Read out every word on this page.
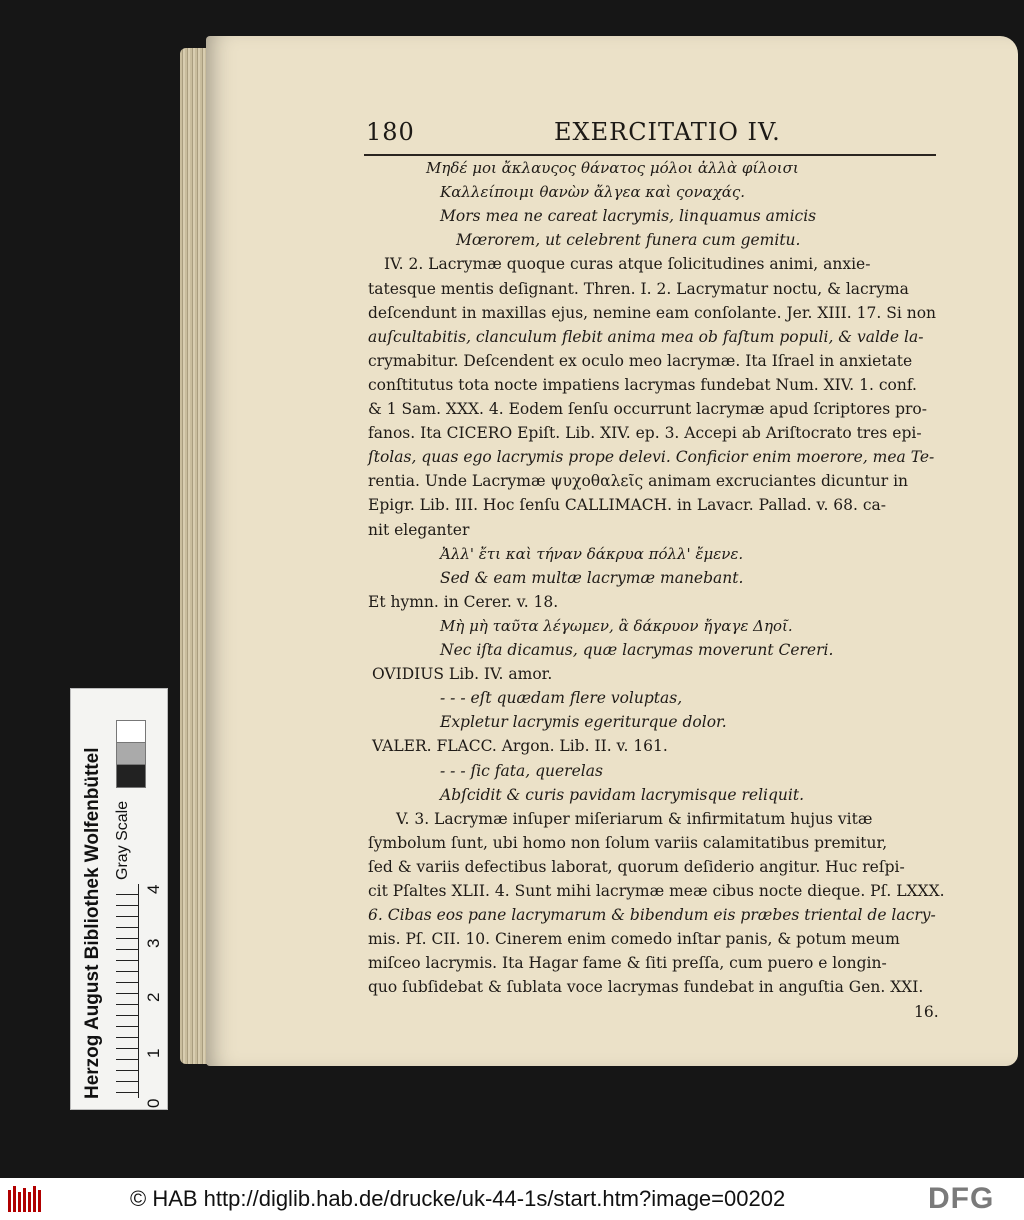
180	EXERCITATIO IV.
Μηδέ μοι ἄκλαυςος θάνατος μόλοι ἀλλὰ φίλοισι
Καλλείποιμι θανὼν ἄλγεα καὶ ςοναχάς.
Mors mea ne careat lacrymis, linquamus amicis
Mœrorem, ut celebrent funera cum gemitu.
IV. 2. Lacrymæ quoque curas atque ſolicitudines animi, anxie-
tatesque mentis deſignant. Thren. I. 2. Lacrymatur noctu, & lacryma
deſcendunt in maxillas ejus, nemine eam conſolante. Jer. XIII. 17. Si non
auſcultabitis, clanculum flebit anima mea ob faſtum populi, & valde la-
crymabitur. Deſcendent ex oculo meo lacrymæ. Ita Iſrael in anxietate
conſtitutus tota nocte impatiens lacrymas fundebat Num. XIV. 1. conf.
& 1 Sam. XXX. 4. Eodem ſenſu occurrunt lacrymæ apud ſcriptores pro-
fanos. Ita CICERO Epiſt. Lib. XIV. ep. 3. Accepi ab Ariſtocrato tres epi-
ſtolas, quas ego lacrymis prope delevi. Conficior enim moerore, mea Te-
rentia. Unde Lacrymæ ψυχοθαλεῖς animam excruciantes dicuntur in
Epigr. Lib. III. Hoc ſenſu CALLIMACH. in Lavacr. Pallad. v. 68. ca-
nit eleganter
Ἀλλ' ἔτι καὶ τήναν δάκρυα πόλλ' ἔμενε.
Sed & eam multæ lacrymæ manebant.
Et hymn. in Cerer. v. 18.
Μὴ μὴ ταῦτα λέγωμεν, ἃ δάκρυον ἤγαγε Δηοῖ.
Nec iſta dicamus, quæ lacrymas moverunt Cereri.
OVIDIUS Lib. IV. amor.
- - - eſt quædam flere voluptas,
Expletur lacrymis egeriturque dolor.
VALER. FLACC. Argon. Lib. II. v. 161.
- - - ſic fata, querelas
Abſcidit & curis pavidam lacrymisque reliquit.
V. 3. Lacrymæ inſuper miſeriarum & infirmitatum hujus vitæ
ſymbolum ſunt, ubi homo non ſolum variis calamitatibus premitur,
ſed & variis defectibus laborat, quorum deſiderio angitur. Huc reſpi-
cit Pſaltes XLII. 4. Sunt mihi lacrymæ meæ cibus nocte dieque. Pſ. LXXX.
6. Cibas eos pane lacrymarum & bibendum eis præbes triental de lacry-
mis. Pſ. CII. 10. Cinerem enim comedo inſtar panis, & potum meum
miſceo lacrymis. Ita Hagar fame & ſiti preſſa, cum puero e longin-
quo ſubſidebat & ſublata voce lacrymas fundebat in anguſtia Gen. XXI.
16.
Herzog August Bibliothek Wolfenbüttel Gray Scale
0
1
2
3
4
© HAB http://diglib.hab.de/drucke/uk-44-1s/start.htm?image=00202	DFG
